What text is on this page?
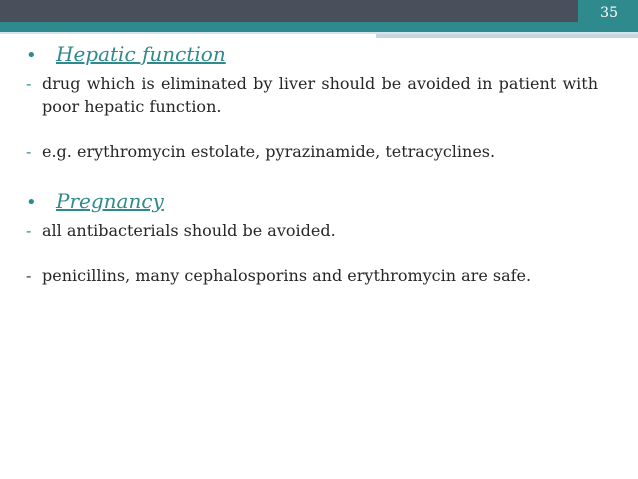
35
• Hepatic function
- drug which is eliminated by liver should be avoided in patient with poor hepatic function.
- e.g. erythromycin estolate, pyrazinamide, tetracyclines.
• Pregnancy
- all antibacterials should be avoided.
- penicillins, many cephalosporins and erythromycin are safe.
